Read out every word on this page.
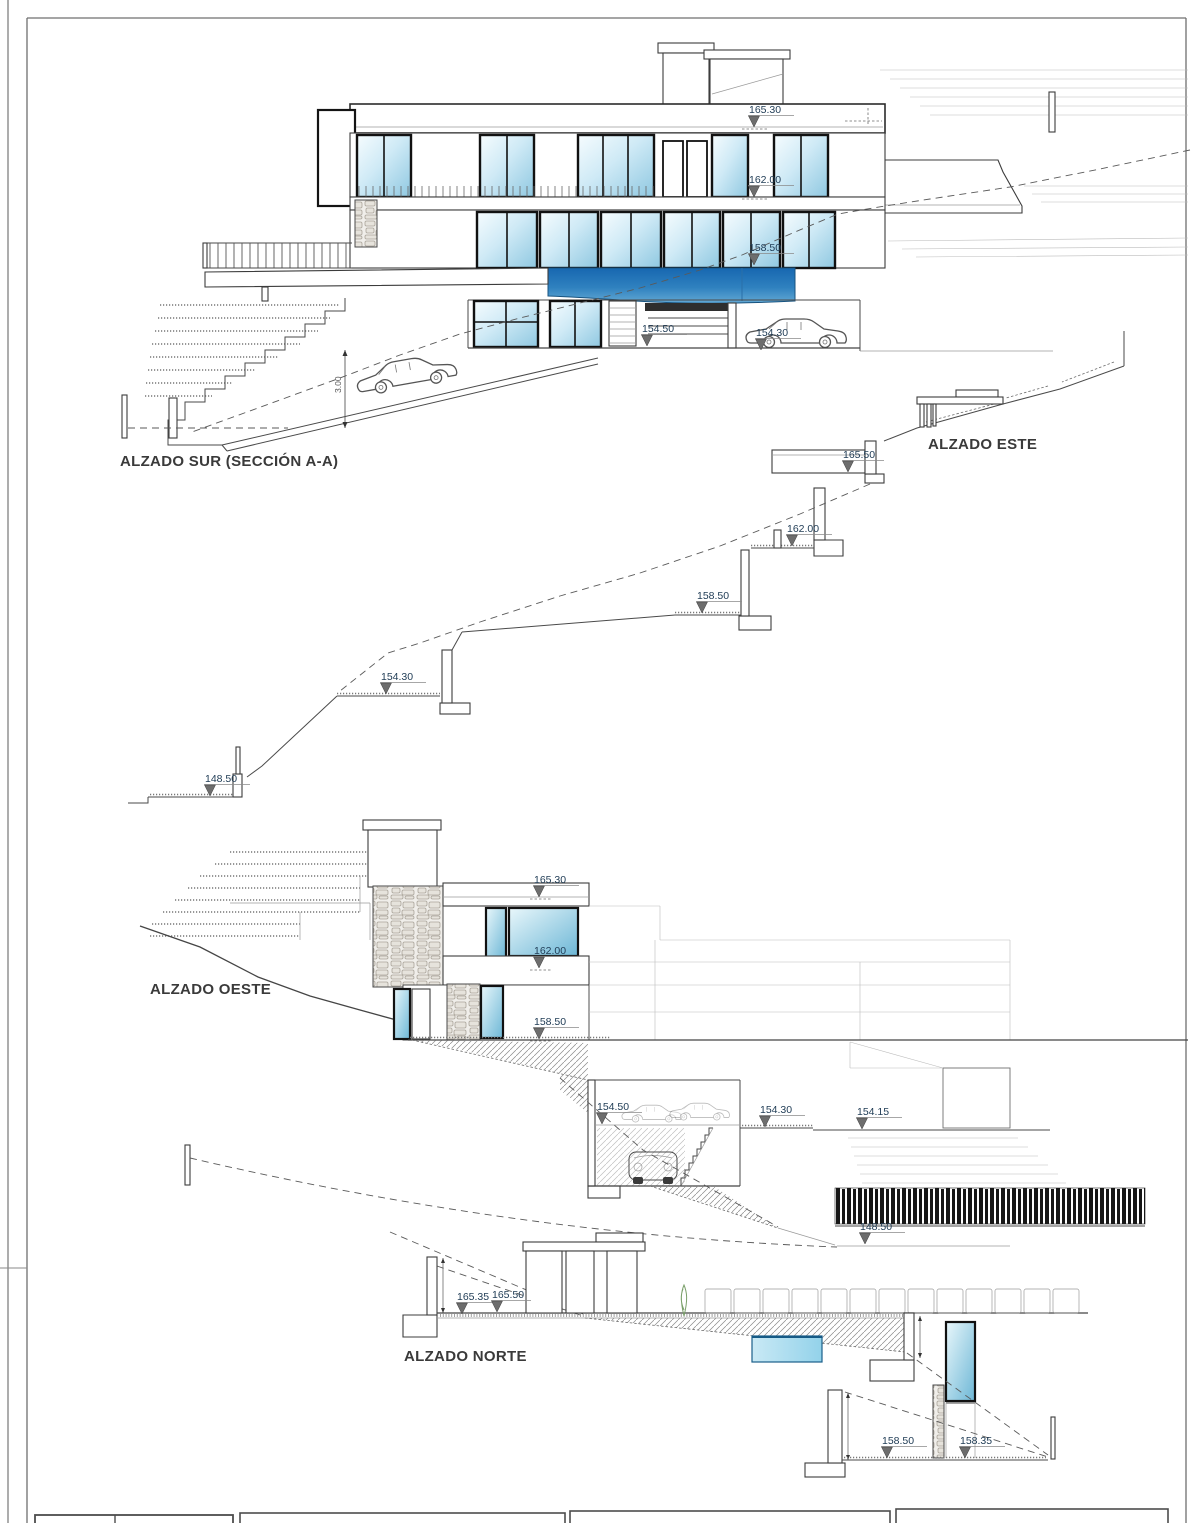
3.00
165.30
162.00
158.50
154.50	154.30
ALZADO SUR (SECCIÓN A-A)	165.50
162.00
158.50
154.30
148.50
ALZADO ESTE
165.30
162.00
158.50
154.50	154.30	154.15
148.50
ALZADO OESTE
165.35 165.50
158.50	158.35
ALZADO NORTE
